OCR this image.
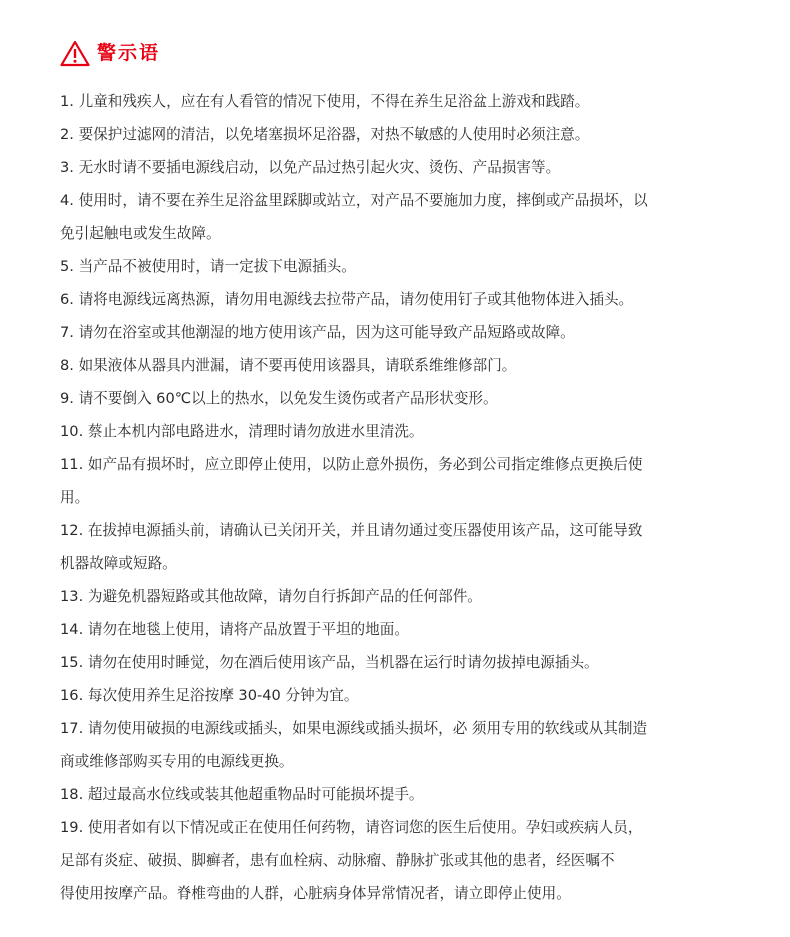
警示语
1. 儿童和残疾人，应在有人看管的情况下使用，不得在养生足浴盆上游戏和践踏。
2. 要保护过滤网的清洁，以免堵塞损坏足浴器，对热不敏感的人使用时必须注意。
3. 无水时请不要插电源线启动，以免产品过热引起火灾、烫伤、产品损害等。
4. 使用时，请不要在养生足浴盆里踩脚或站立，对产品不要施加力度，摔倒或产品损坏，以
免引起触电或发生故障。
5. 当产品不被使用时，请一定拔下电源插头。
6. 请将电源线远离热源，请勿用电源线去拉带产品，请勿使用钉子或其他物体进入插头。
7. 请勿在浴室或其他潮湿的地方使用该产品，因为这可能导致产品短路或故障。
8. 如果液体从器具内泄漏，请不要再使用该器具，请联系维维修部门。
9. 请不要倒入 60℃以上的热水，以免发生烫伤或者产品形状变形。
10. 蔡止本机内部电路进水，清理时请勿放进水里清洗。
11. 如产品有损坏时，应立即停止使用，以防止意外损伤，务必到公司指定维修点更换后使
用。
12. 在拔掉电源插头前，请确认已关闭开关，并且请勿通过变压器使用该产品，这可能导致
机器故障或短路。
13. 为避免机器短路或其他故障，请勿自行拆卸产品的任何部件。
14. 请勿在地毯上使用，请将产品放置于平坦的地面。
15. 请勿在使用时睡觉，勿在酒后使用该产品，当机器在运行时请勿拔掉电源插头。
16. 每次使用养生足浴按摩 30-40 分钟为宜。
17. 请勿使用破损的电源线或插头，如果电源线或插头损坏，必 须用专用的软线或从其制造
商或维修部购买专用的电源线更换。
18. 超过最高水位线或装其他超重物品时可能损坏提手。
19. 使用者如有以下情况或正在使用任何药物，请咨词您的医生后使用。孕妇或疾病人员，
足部有炎症、破损、脚癣者，患有血栓病、动脉瘤、静脉扩张或其他的患者，经医嘱不
得使用按摩产品。脊椎弯曲的人群，心脏病身体异常情况者，请立即停止使用。
